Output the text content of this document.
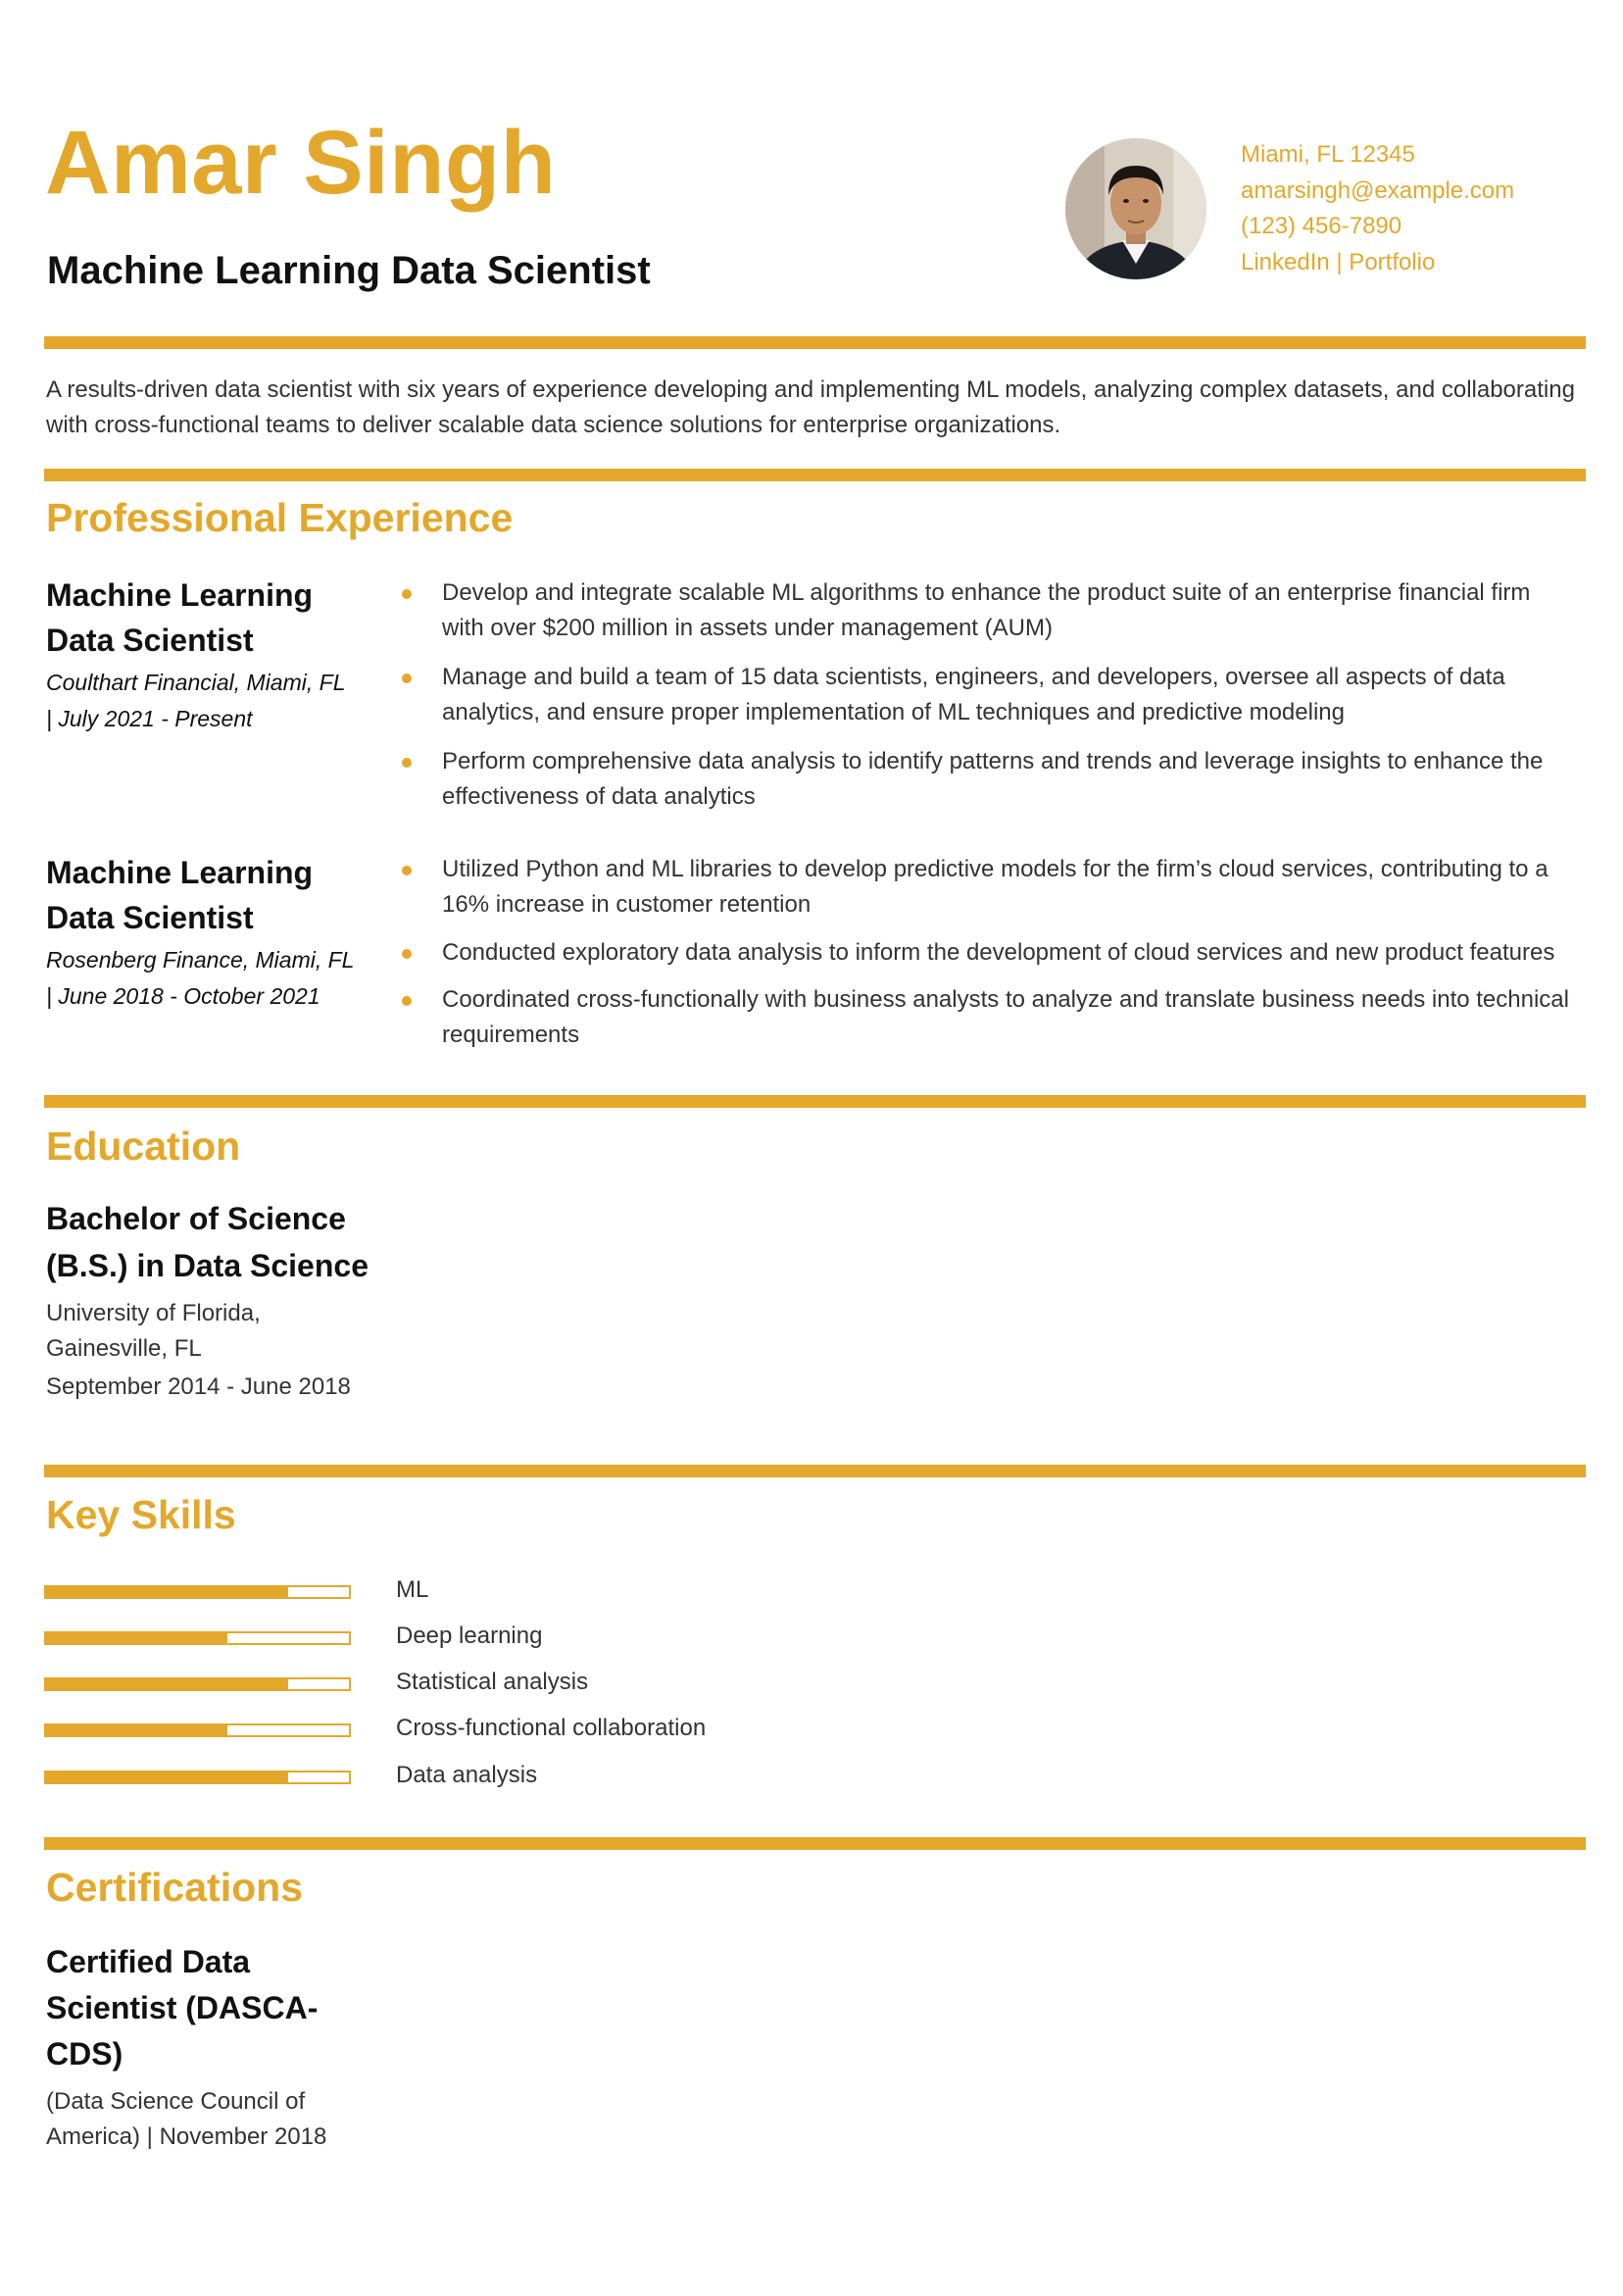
Amar Singh
Machine Learning Data Scientist
Miami, FL 12345
amarsingh@example.com
(123) 456-7890
LinkedIn | Portfolio
A results-driven data scientist with six years of experience developing and implementing ML models, analyzing complex datasets, and collaborating with cross-functional teams to deliver scalable data science solutions for enterprise organizations.
Professional Experience
Machine Learning Data Scientist
Coulthart Financial, Miami, FL
| July 2021 - Present
Develop and integrate scalable ML algorithms to enhance the product suite of an enterprise financial firm with over $200 million in assets under management (AUM)
Manage and build a team of 15 data scientists, engineers, and developers, oversee all aspects of data analytics, and ensure proper implementation of ML techniques and predictive modeling
Perform comprehensive data analysis to identify patterns and trends and leverage insights to enhance the effectiveness of data analytics
Machine Learning Data Scientist
Rosenberg Finance, Miami, FL
| June 2018 - October 2021
Utilized Python and ML libraries to develop predictive models for the firm’s cloud services, contributing to a 16% increase in customer retention
Conducted exploratory data analysis to inform the development of cloud services and new product features
Coordinated cross-functionally with business analysts to analyze and translate business needs into technical requirements
Education
Bachelor of Science (B.S.) in Data Science
University of Florida, Gainesville, FL
September 2014 - June 2018
Key Skills
ML
Deep learning
Statistical analysis
Cross-functional collaboration
Data analysis
Certifications
Certified Data Scientist (DASCA-CDS)
(Data Science Council of America) | November 2018
